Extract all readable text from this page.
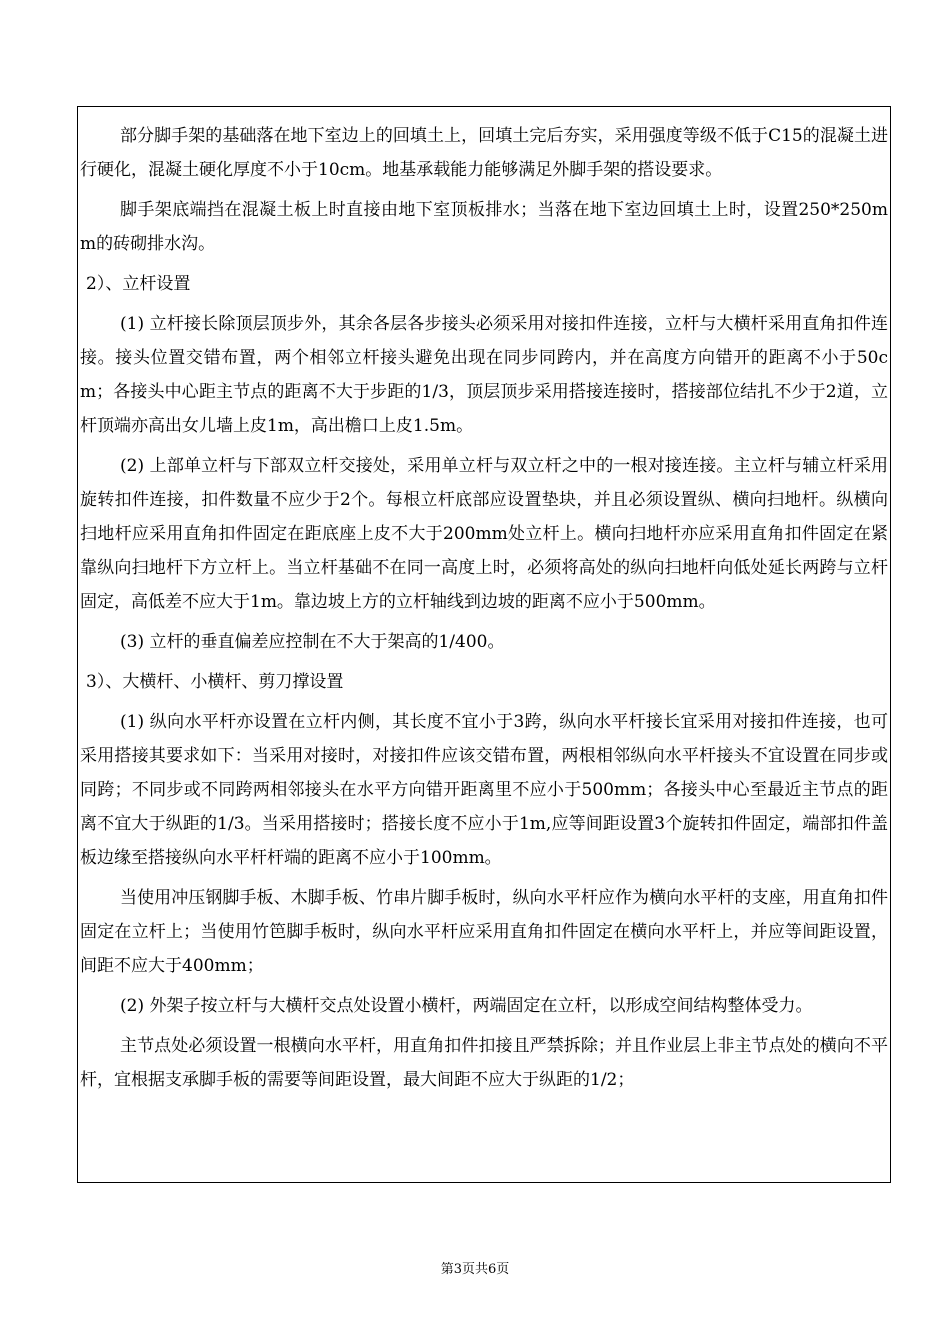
部分脚手架的基础落在地下室边上的回填土上，回填土完后夯实，采用强度等级不低于C15的混凝土进行硬化，混凝土硬化厚度不小于10cm。地基承载能力能够满足外脚手架的搭设要求。

脚手架底端挡在混凝土板上时直接由地下室顶板排水；当落在地下室边回填土上时，设置250*250mm的砖砌排水沟。

2）、立杆设置

(1) 立杆接长除顶层顶步外，其余各层各步接头必须采用对接扣件连接，立杆与大横杆采用直角扣件连接。接头位置交错布置，两个相邻立杆接头避免出现在同步同跨内，并在高度方向错开的距离不小于50cm；各接头中心距主节点的距离不大于步距的1/3，顶层顶步采用搭接连接时，搭接部位结扎不少于2道，立杆顶端亦高出女儿墙上皮1m，高出檐口上皮1.5m。

(2) 上部单立杆与下部双立杆交接处，采用单立杆与双立杆之中的一根对接连接。主立杆与辅立杆采用旋转扣件连接，扣件数量不应少于2个。每根立杆底部应设置垫块，并且必须设置纵、横向扫地杆。纵横向扫地杆应采用直角扣件固定在距底座上皮不大于200mm处立杆上。横向扫地杆亦应采用直角扣件固定在紧靠纵向扫地杆下方立杆上。当立杆基础不在同一高度上时，必须将高处的纵向扫地杆向低处延长两跨与立杆固定，高低差不应大于1m。靠边坡上方的立杆轴线到边坡的距离不应小于500mm。

(3) 立杆的垂直偏差应控制在不大于架高的1/400。

3）、大横杆、小横杆、剪刀撑设置

(1) 纵向水平杆亦设置在立杆内侧，其长度不宜小于3跨，纵向水平杆接长宜采用对接扣件连接，也可采用搭接其要求如下：当采用对接时，对接扣件应该交错布置，两根相邻纵向水平杆接头不宜设置在同步或同跨；不同步或不同跨两相邻接头在水平方向错开距离里不应小于500mm；各接头中心至最近主节点的距离不宜大于纵距的1/3。当采用搭接时；搭接长度不应小于1m,应等间距设置3个旋转扣件固定，端部扣件盖板边缘至搭接纵向水平杆杆端的距离不应小于100mm。

当使用冲压钢脚手板、木脚手板、竹串片脚手板时，纵向水平杆应作为横向水平杆的支座，用直角扣件固定在立杆上；当使用竹笆脚手板时，纵向水平杆应采用直角扣件固定在横向水平杆上，并应等间距设置，间距不应大于400mm；

(2) 外架子按立杆与大横杆交点处设置小横杆，两端固定在立杆，以形成空间结构整体受力。

主节点处必须设置一根横向水平杆，用直角扣件扣接且严禁拆除；并且作业层上非主节点处的横向不平杆，宜根据支承脚手板的需要等间距设置，最大间距不应大于纵距的1/2；

第3页共6页
